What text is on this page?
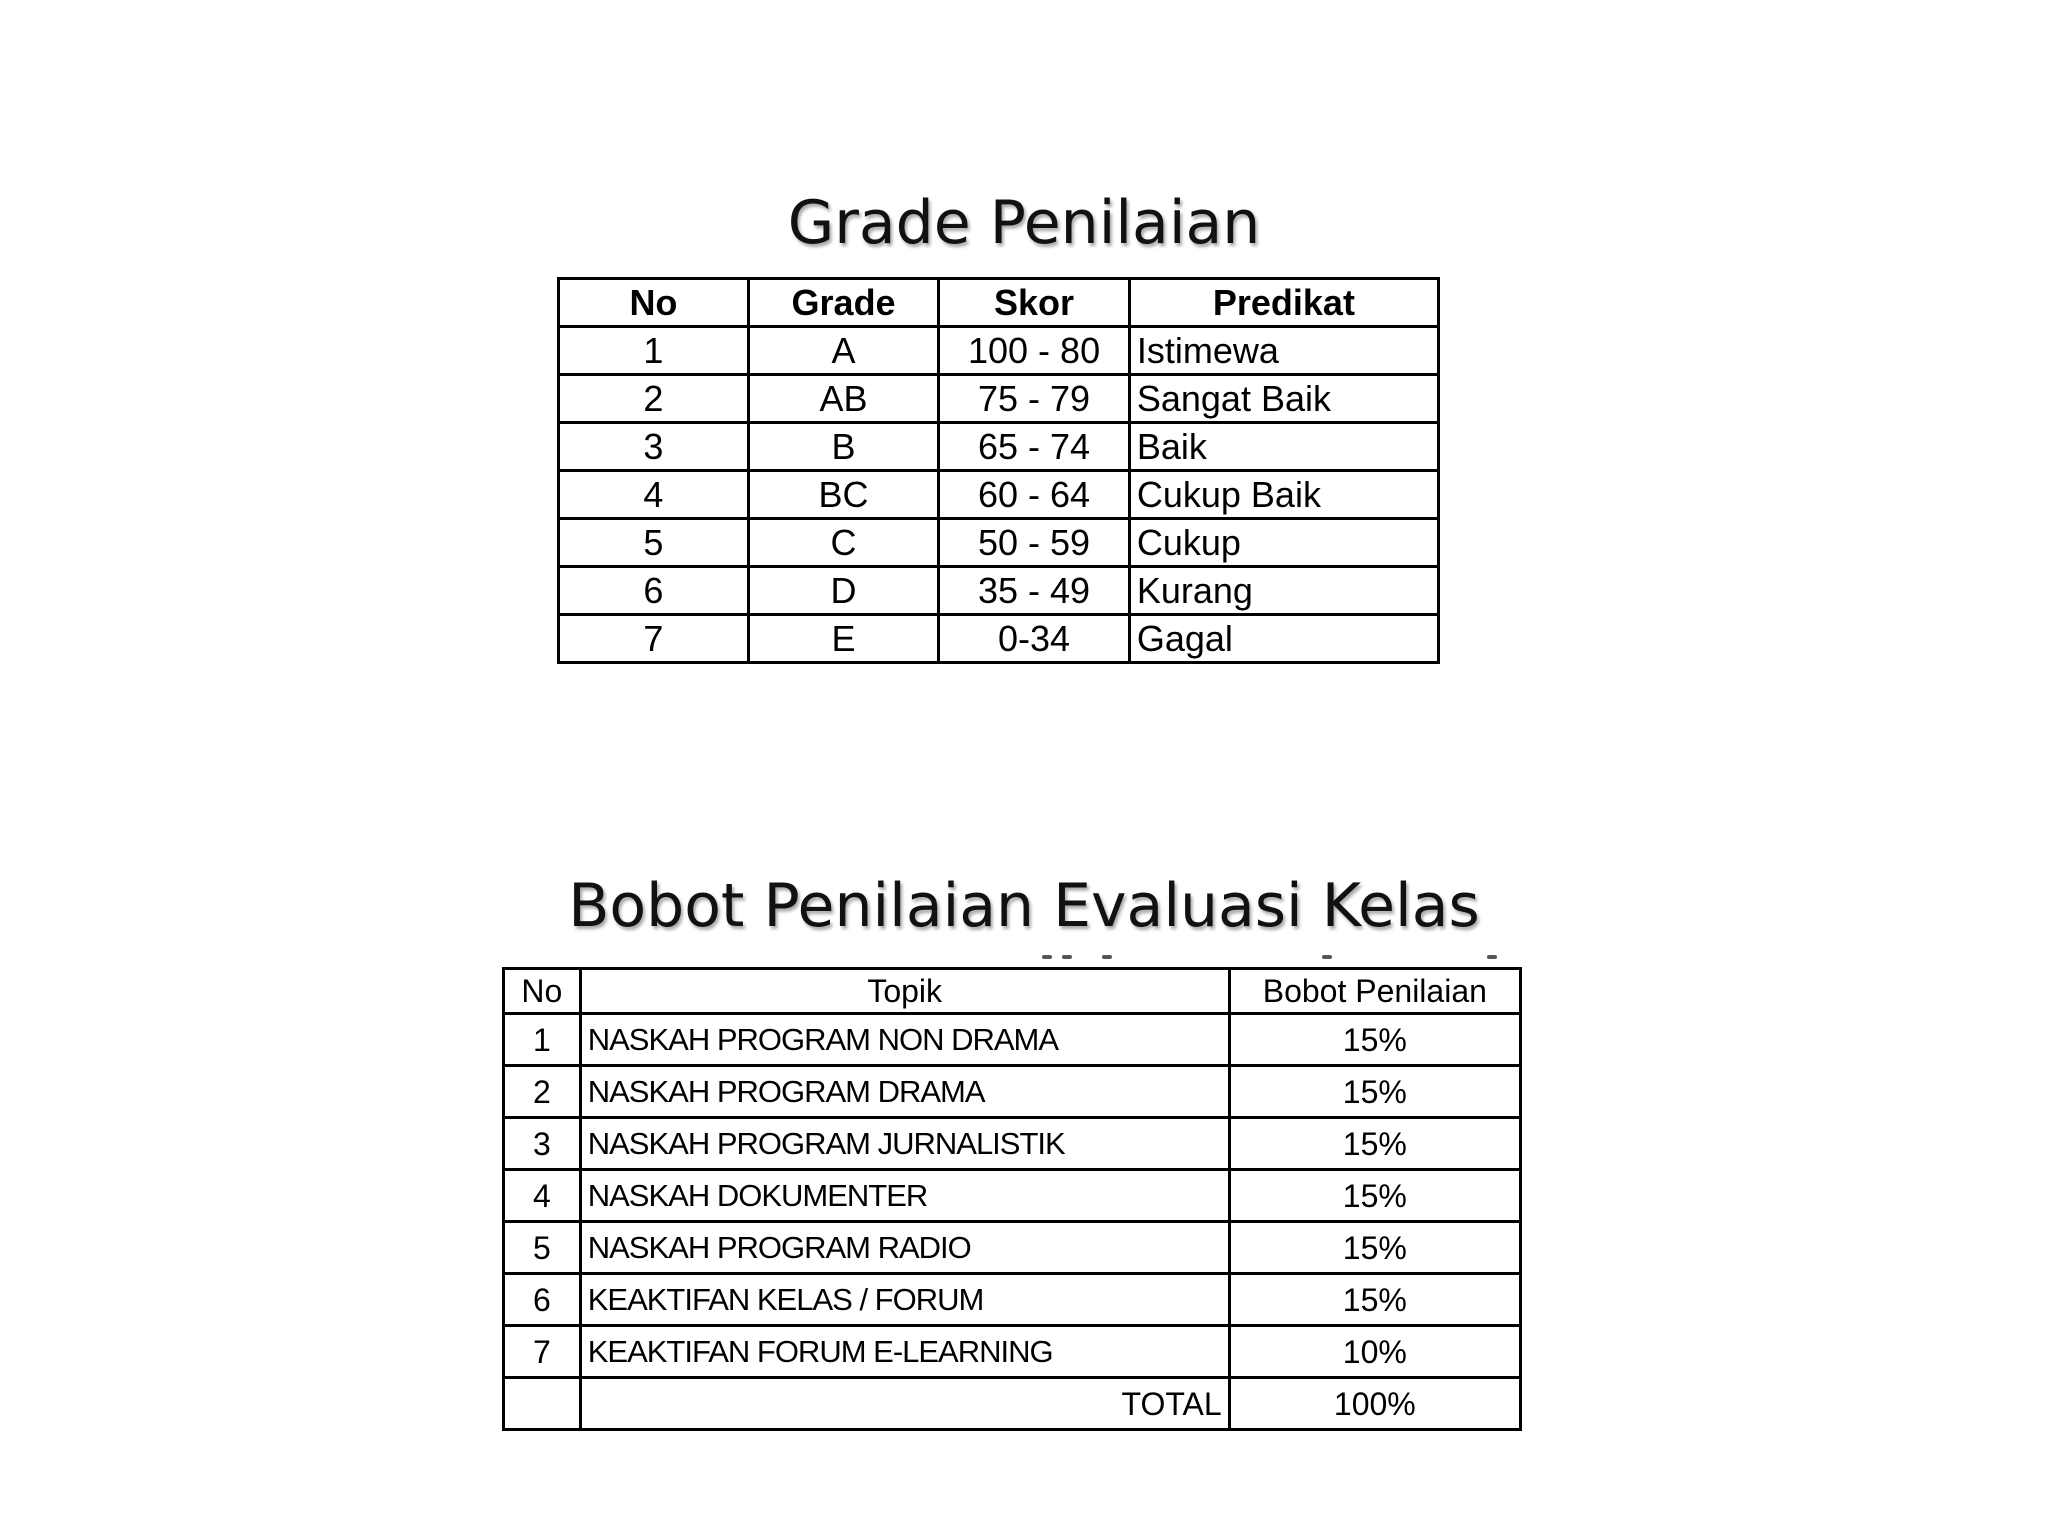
Grade Penilaian
No	Grade	Skor	Predikat
1	A	100 - 80	Istimewa
2	AB	75 - 79	Sangat Baik
3	B	65 - 74	Baik
4	BC	60 - 64	Cukup Baik
5	C	50 - 59	Cukup
6	D	35 - 49	Kurang
7	E	0-34	Gagal
Bobot Penilaian Evaluasi Kelas
No	Topik	Bobot Penilaian
1	NASKAH PROGRAM NON DRAMA	15%
2	NASKAH PROGRAM DRAMA	15%
3	NASKAH PROGRAM JURNALISTIK	15%
4	NASKAH DOKUMENTER	15%
5	NASKAH PROGRAM RADIO	15%
6	KEAKTIFAN KELAS / FORUM	15%
7	KEAKTIFAN FORUM E-LEARNING	10%
	TOTAL	100%
